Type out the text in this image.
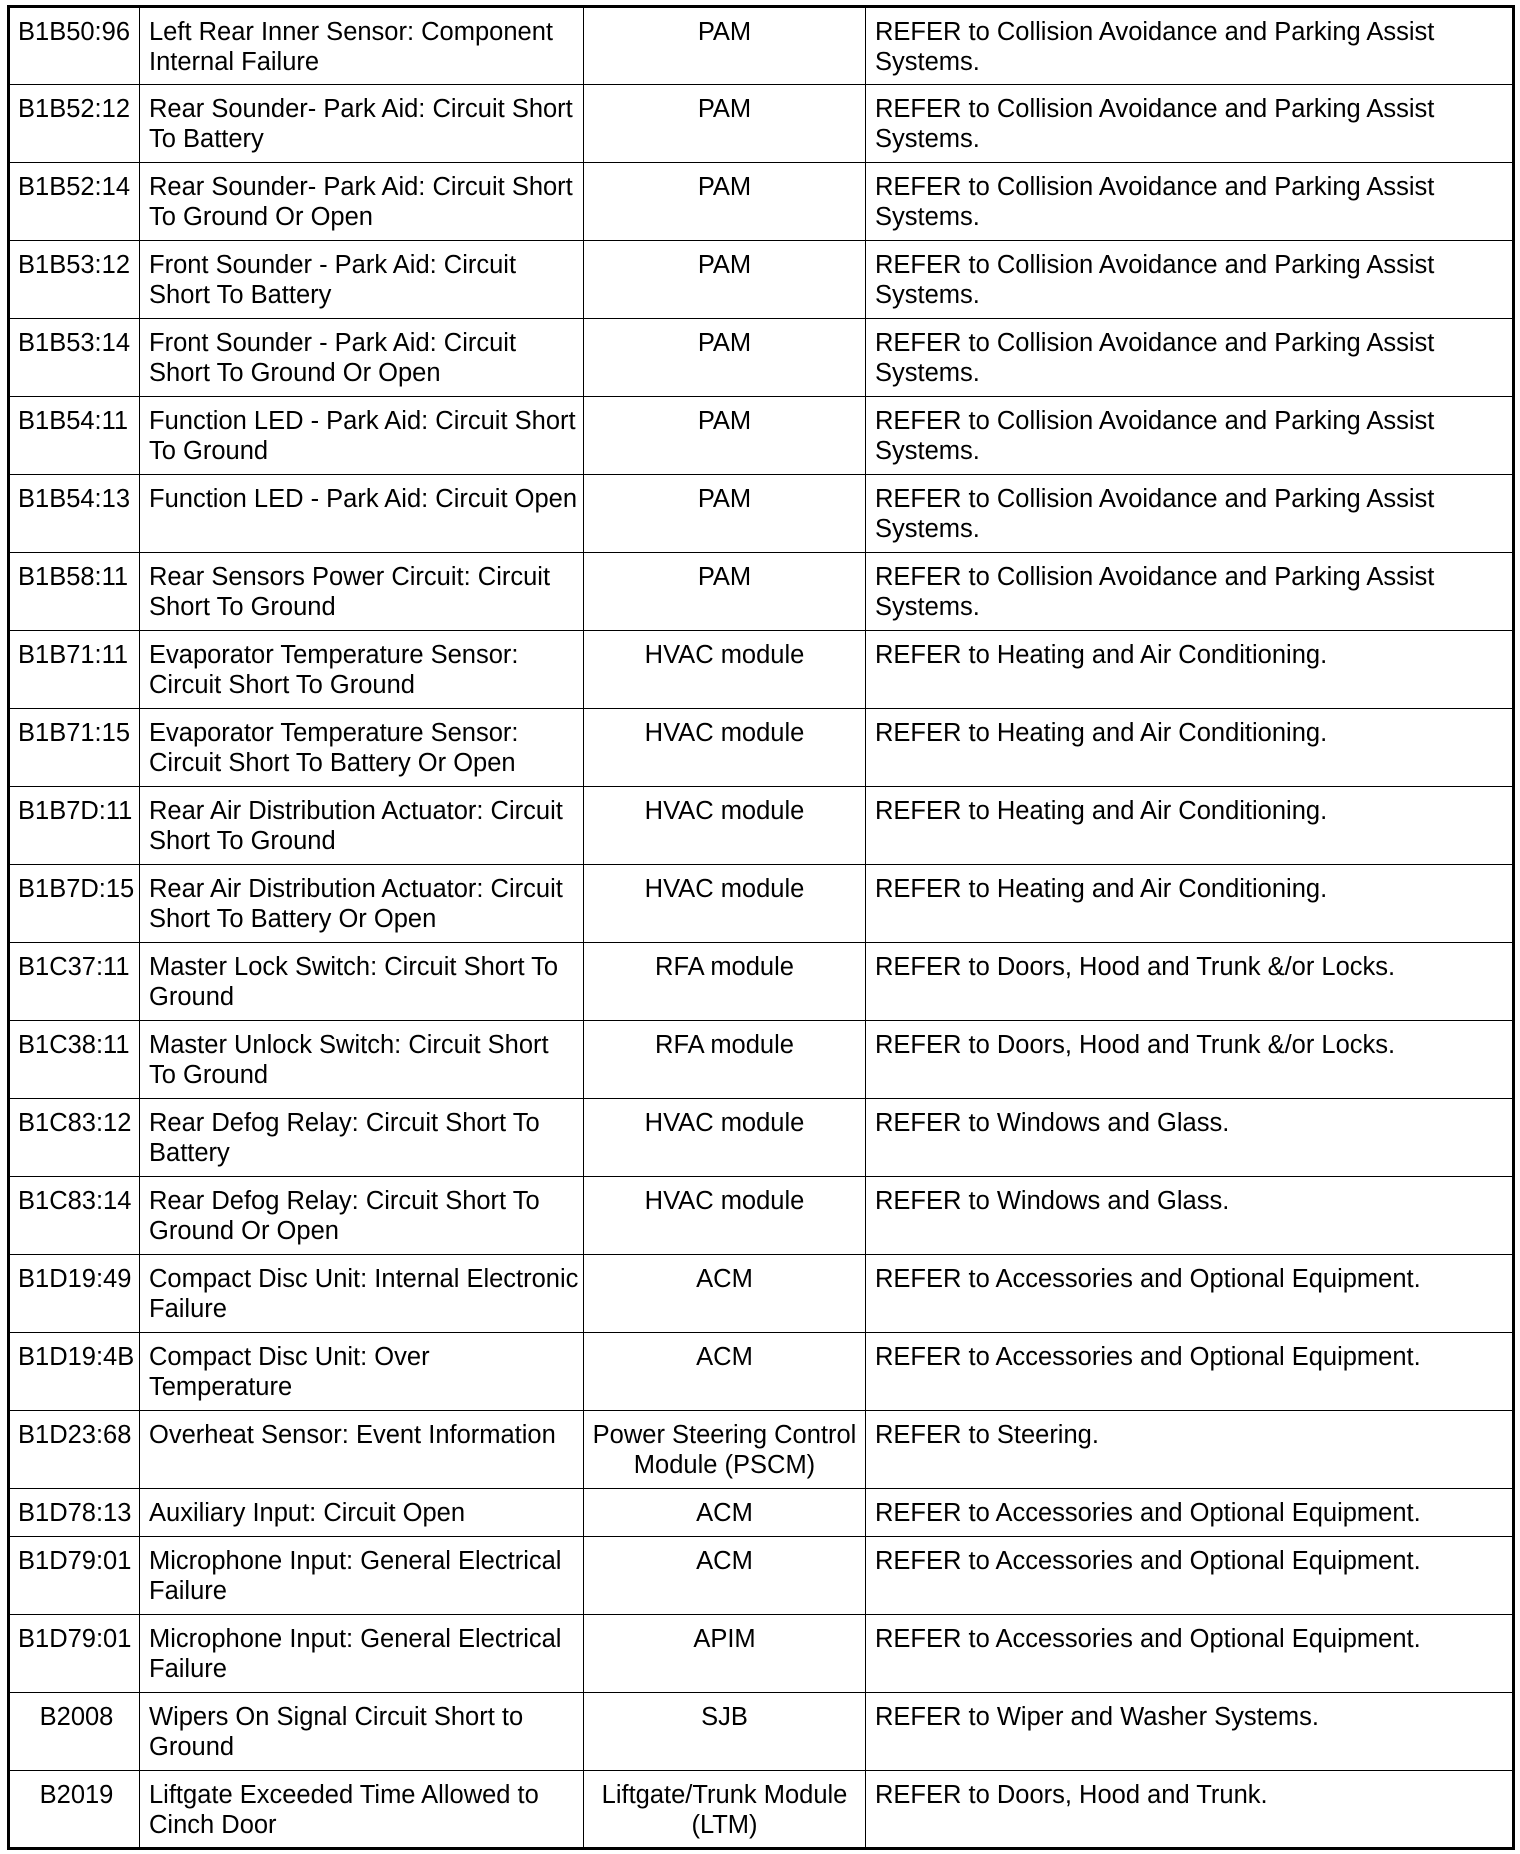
B1B50:96	Left Rear Inner Sensor: Component Internal Failure	PAM	REFER to Collision Avoidance and Parking Assist Systems.
B1B52:12	Rear Sounder- Park Aid: Circuit Short To Battery	PAM	REFER to Collision Avoidance and Parking Assist Systems.
B1B52:14	Rear Sounder- Park Aid: Circuit Short To Ground Or Open	PAM	REFER to Collision Avoidance and Parking Assist Systems.
B1B53:12	Front Sounder - Park Aid: Circuit Short To Battery	PAM	REFER to Collision Avoidance and Parking Assist Systems.
B1B53:14	Front Sounder - Park Aid: Circuit Short To Ground Or Open	PAM	REFER to Collision Avoidance and Parking Assist Systems.
B1B54:11	Function LED - Park Aid: Circuit Short To Ground	PAM	REFER to Collision Avoidance and Parking Assist Systems.
B1B54:13	Function LED - Park Aid: Circuit Open	PAM	REFER to Collision Avoidance and Parking Assist Systems.
B1B58:11	Rear Sensors Power Circuit: Circuit Short To Ground	PAM	REFER to Collision Avoidance and Parking Assist Systems.
B1B71:11	Evaporator Temperature Sensor: Circuit Short To Ground	HVAC module	REFER to Heating and Air Conditioning.
B1B71:15	Evaporator Temperature Sensor: Circuit Short To Battery Or Open	HVAC module	REFER to Heating and Air Conditioning.
B1B7D:11	Rear Air Distribution Actuator: Circuit Short To Ground	HVAC module	REFER to Heating and Air Conditioning.
B1B7D:15	Rear Air Distribution Actuator: Circuit Short To Battery Or Open	HVAC module	REFER to Heating and Air Conditioning.
B1C37:11	Master Lock Switch: Circuit Short To Ground	RFA module	REFER to Doors, Hood and Trunk &/or Locks.
B1C38:11	Master Unlock Switch: Circuit Short To Ground	RFA module	REFER to Doors, Hood and Trunk &/or Locks.
B1C83:12	Rear Defog Relay: Circuit Short To Battery	HVAC module	REFER to Windows and Glass.
B1C83:14	Rear Defog Relay: Circuit Short To Ground Or Open	HVAC module	REFER to Windows and Glass.
B1D19:49	Compact Disc Unit: Internal Electronic Failure	ACM	REFER to Accessories and Optional Equipment.
B1D19:4B	Compact Disc Unit: Over Temperature	ACM	REFER to Accessories and Optional Equipment.
B1D23:68	Overheat Sensor: Event Information	Power Steering Control Module (PSCM)	REFER to Steering.
B1D78:13	Auxiliary Input: Circuit Open	ACM	REFER to Accessories and Optional Equipment.
B1D79:01	Microphone Input: General Electrical Failure	ACM	REFER to Accessories and Optional Equipment.
B1D79:01	Microphone Input: General Electrical Failure	APIM	REFER to Accessories and Optional Equipment.
B2008	Wipers On Signal Circuit Short to Ground	SJB	REFER to Wiper and Washer Systems.
B2019	Liftgate Exceeded Time Allowed to Cinch Door	Liftgate/Trunk Module (LTM)	REFER to Doors, Hood and Trunk.
